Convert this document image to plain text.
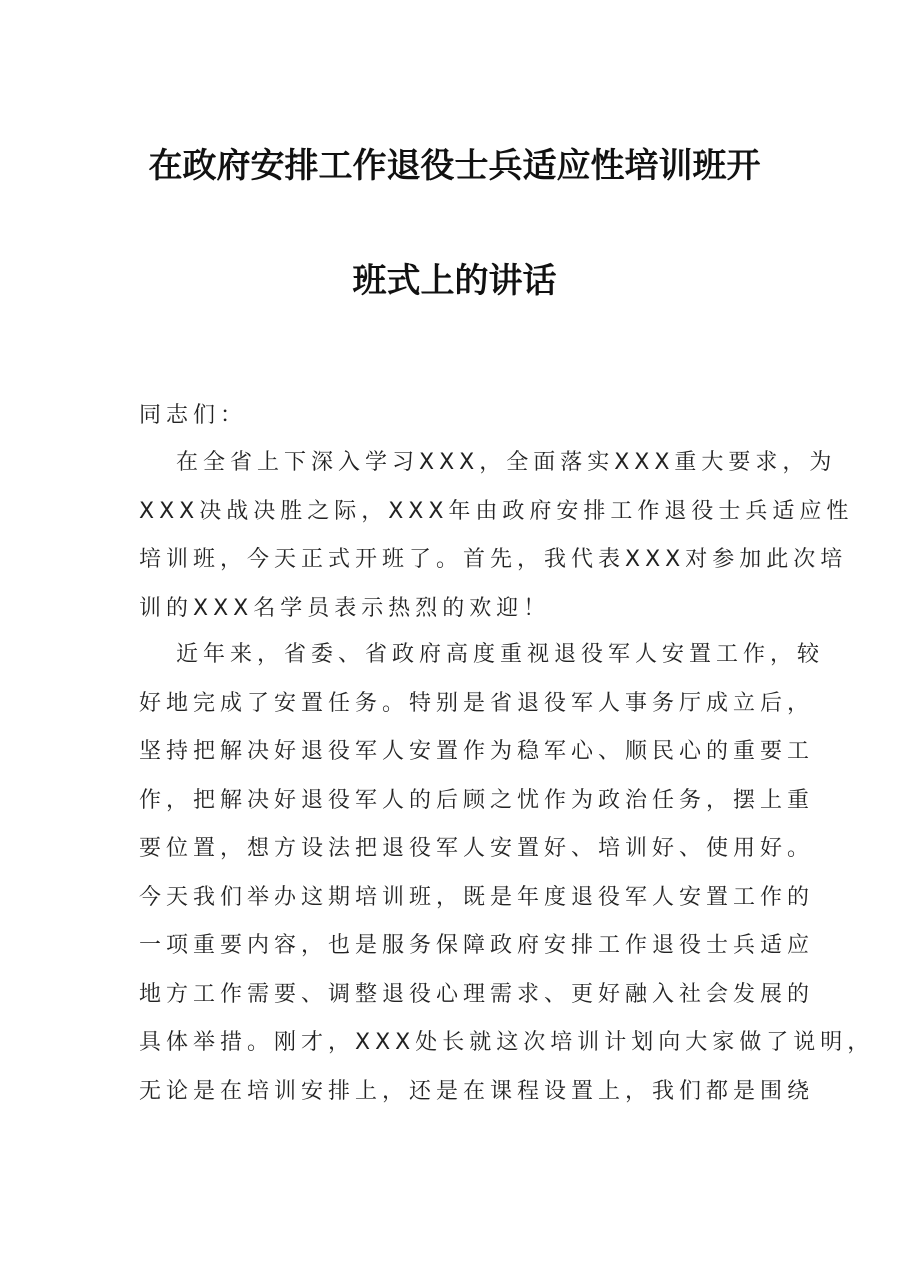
在政府安排工作退役士兵适应性培训班开
班式上的讲话
同志们：
在全省上下深入学习XXX，全面落实XXX重大要求，为
XXX决战决胜之际，XXX年由政府安排工作退役士兵适应性
培训班，今天正式开班了。首先，我代表XXX对参加此次培
训的XXX名学员表示热烈的欢迎！
近年来，省委、省政府高度重视退役军人安置工作，较
好地完成了安置任务。特别是省退役军人事务厅成立后，
坚持把解决好退役军人安置作为稳军心、顺民心的重要工
作，把解决好退役军人的后顾之忧作为政治任务，摆上重
要位置，想方设法把退役军人安置好、培训好、使用好。
今天我们举办这期培训班，既是年度退役军人安置工作的
一项重要内容，也是服务保障政府安排工作退役士兵适应
地方工作需要、调整退役心理需求、更好融入社会发展的
具体举措。刚才，XXX处长就这次培训计划向大家做了说明，
无论是在培训安排上，还是在课程设置上，我们都是围绕
